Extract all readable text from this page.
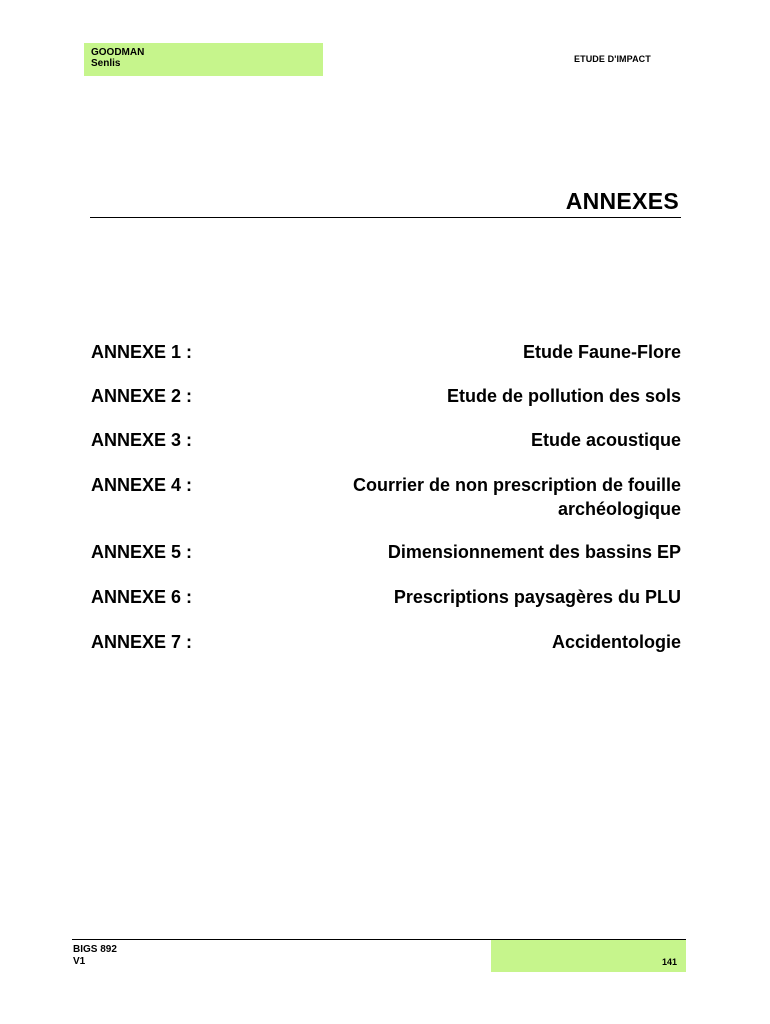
GOODMAN
Senlis	ETUDE D'IMPACT
ANNEXES
ANNEXE 1 :	Etude Faune-Flore
ANNEXE 2 :	Etude de pollution des sols
ANNEXE 3 :	Etude acoustique
ANNEXE 4 :	Courrier de non prescription de fouille archéologique
ANNEXE 5 :	Dimensionnement des bassins EP
ANNEXE 6 :	Prescriptions paysagères du PLU
ANNEXE 7 :	Accidentologie
BIGS 892
V1	141
